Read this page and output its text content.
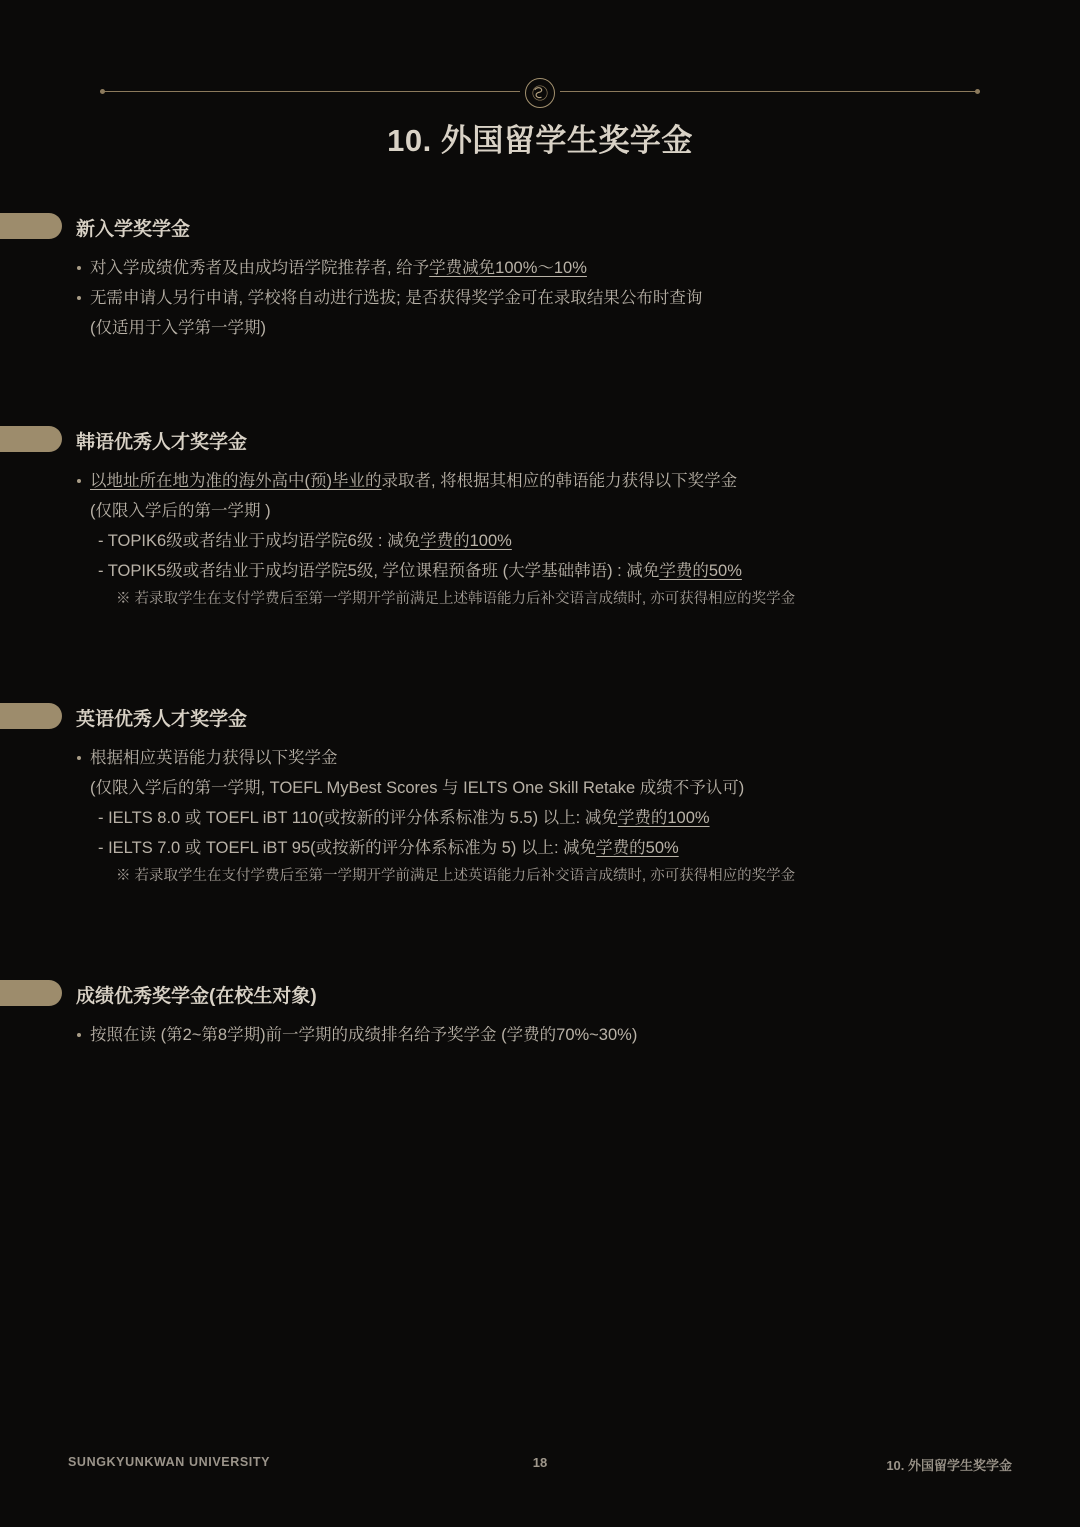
10. 外国留学生奖学金
新入学奖学金
对入学成绩优秀者及由成均语学院推荐者, 给予学费减免100%～10%
无需申请人另行申请, 学校将自动进行选拔; 是否获得奖学金可在录取结果公布时查询
(仅适用于入学第一学期)
韩语优秀人才奖学金
以地址所在地为准的海外高中(预)毕业的录取者, 将根据其相应的韩语能力获得以下奖学金
(仅限入学后的第一学期 )
- TOPIK6级或者结业于成均语学院6级 : 减免学费的100%
- TOPIK5级或者结业于成均语学院5级, 学位课程预备班 (大学基础韩语) : 减免学费的50%
※ 若录取学生在支付学费后至第一学期开学前满足上述韩语能力后补交语言成绩时, 亦可获得相应的奖学金
英语优秀人才奖学金
根据相应英语能力获得以下奖学金
(仅限入学后的第一学期, TOEFL MyBest Scores 与 IELTS One Skill Retake 成绩不予认可)
- IELTS 8.0 或 TOEFL iBT 110(或按新的评分体系标准为 5.5) 以上: 减免学费的100%
- IELTS 7.0 或 TOEFL iBT 95(或按新的评分体系标准为 5) 以上: 减免学费的50%
※ 若录取学生在支付学费后至第一学期开学前满足上述英语能力后补交语言成绩时, 亦可获得相应的奖学金
成绩优秀奖学金(在校生对象)
按照在读 (第2~第8学期)前一学期的成绩排名给予奖学金 (学费的70%~30%)
SUNGKYUNKWAN UNIVERSITY	18	10. 外国留学生奖学金
